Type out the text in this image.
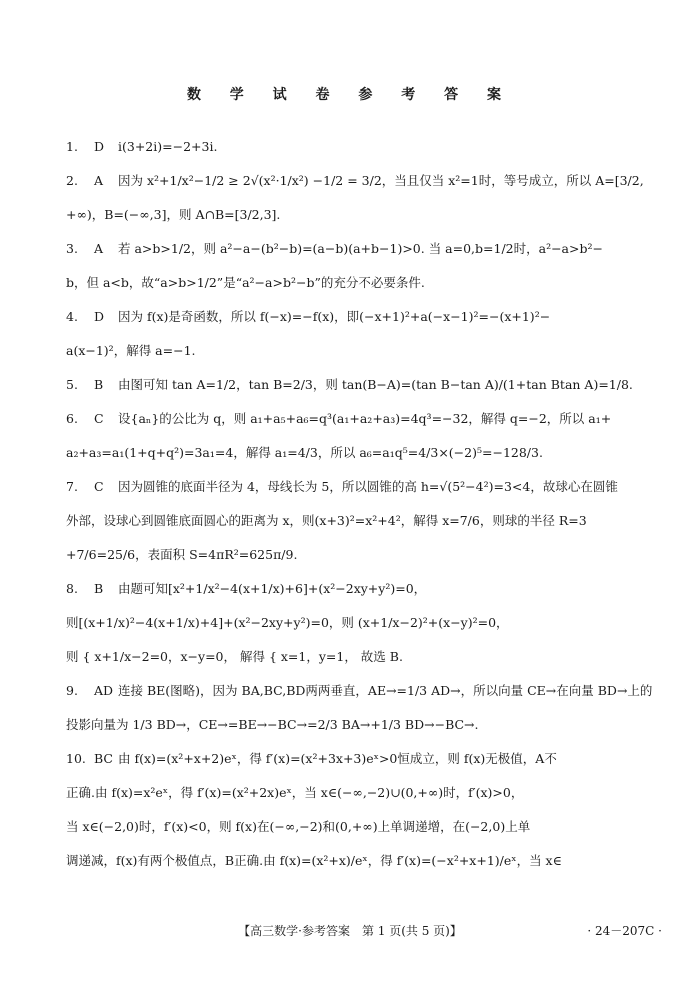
数 学 试 卷 参 考 答 案
1. D i(3+2i)=−2+3i.
2. A 因为 x²+1/x²−1/2 ≥ 2√(x²·1/x²) −1/2 = 3/2，当且仅当 x²=1时，等号成立，所以 A=[3/2,
+∞)，B=(−∞,3]，则 A∩B=[3/2,3].
3. A 若 a>b>1/2，则 a²−a−(b²−b)=(a−b)(a+b−1)>0. 当 a=0,b=1/2时，a²−a>b²−
b，但 a<b，故“a>b>1/2”是“a²−a>b²−b”的充分不必要条件.
4. D 因为 f(x)是奇函数，所以 f(−x)=−f(x)，即(−x+1)²+a(−x−1)²=−(x+1)²−
a(x−1)²，解得 a=−1.
5. B 由图可知 tan A=1/2，tan B=2/3，则 tan(B−A)=(tan B−tan A)/(1+tan Btan A)=1/8.
6. C 设{aₙ}的公比为 q，则 a₁+a₅+a₆=q³(a₁+a₂+a₃)=4q³=−32，解得 q=−2，所以 a₁+
a₂+a₃=a₁(1+q+q²)=3a₁=4，解得 a₁=4/3，所以 a₆=a₁q⁵=4/3×(−2)⁵=−128/3.
7. C 因为圆锥的底面半径为 4，母线长为 5，所以圆锥的高 h=√(5²−4²)=3<4，故球心在圆锥
外部，设球心到圆锥底面圆心的距离为 x，则(x+3)²=x²+4²，解得 x=7/6，则球的半径 R=3
+7/6=25/6，表面积 S=4πR²=625π/9.
8. B 由题可知[x²+1/x²−4(x+1/x)+6]+(x²−2xy+y²)=0，
则[(x+1/x)²−4(x+1/x)+4]+(x²−2xy+y²)=0，则 (x+1/x−2)²+(x−y)²=0，
则 { x+1/x−2=0，x−y=0， 解得 { x=1，y=1， 故选 B.
9. AD 连接 BE(图略)，因为 BA,BC,BD两两垂直，AE→=1/3 AD→，所以向量 CE→在向量 BD→上的
投影向量为 1/3 BD→，CE→=BE→−BC→=2/3 BA→+1/3 BD→−BC→.
10. BC 由 f(x)=(x²+x+2)eˣ，得 f′(x)=(x²+3x+3)eˣ>0恒成立，则 f(x)无极值，A不
正确.由 f(x)=x²eˣ，得 f′(x)=(x²+2x)eˣ，当 x∈(−∞,−2)∪(0,+∞)时，f′(x)>0，
当 x∈(−2,0)时，f′(x)<0，则 f(x)在(−∞,−2)和(0,+∞)上单调递增，在(−2,0)上单
调递减，f(x)有两个极值点，B正确.由 f(x)=(x²+x)/eˣ，得 f′(x)=(−x²+x+1)/eˣ，当 x∈
【高三数学·参考答案　第 1 页(共 5 页)】	· 24－207C ·
